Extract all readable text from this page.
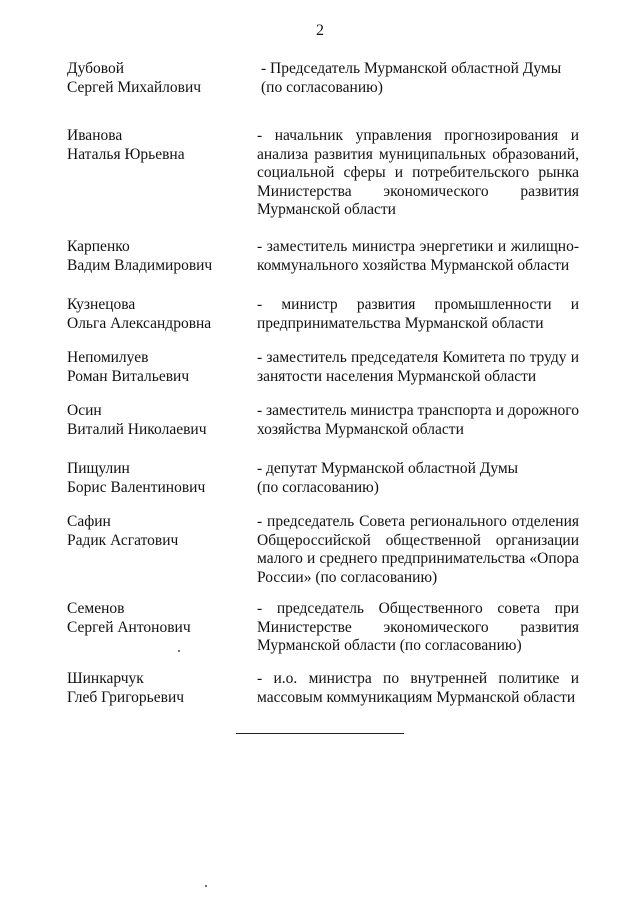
2
Дубовой
Сергей Михайлович
- Председатель Мурманской областной Думы
(по согласованию)
Иванова
Наталья Юрьевна
- начальник управления прогнозирования и
анализа развития муниципальных образований,
социальной сферы и потребительского рынка
Министерства экономического развития
Мурманской области
Карпенко
Вадим Владимирович
- заместитель министра энергетики и жилищно-
коммунального хозяйства Мурманской области
Кузнецова
Ольга Александровна
- министр развития промышленности и
предпринимательства Мурманской области
Непомилуев
Роман Витальевич
- заместитель председателя Комитета по труду и
занятости населения Мурманской области
Осин
Виталий Николаевич
- заместитель министра транспорта и дорожного
хозяйства Мурманской области
Пищулин
Борис Валентинович
- депутат Мурманской областной Думы
(по согласованию)
Сафин
Радик Асгатович
- председатель Совета регионального отделения
Общероссийской общественной организации
малого и среднего предпринимательства «Опора
России» (по согласованию)
Семенов
Сергей Антонович
- председатель Общественного совета при
Министерстве экономического развития
Мурманской области (по согласованию)
Шинкарчук
Глеб Григорьевич
- и.о. министра по внутренней политике и
массовым коммуникациям Мурманской области
